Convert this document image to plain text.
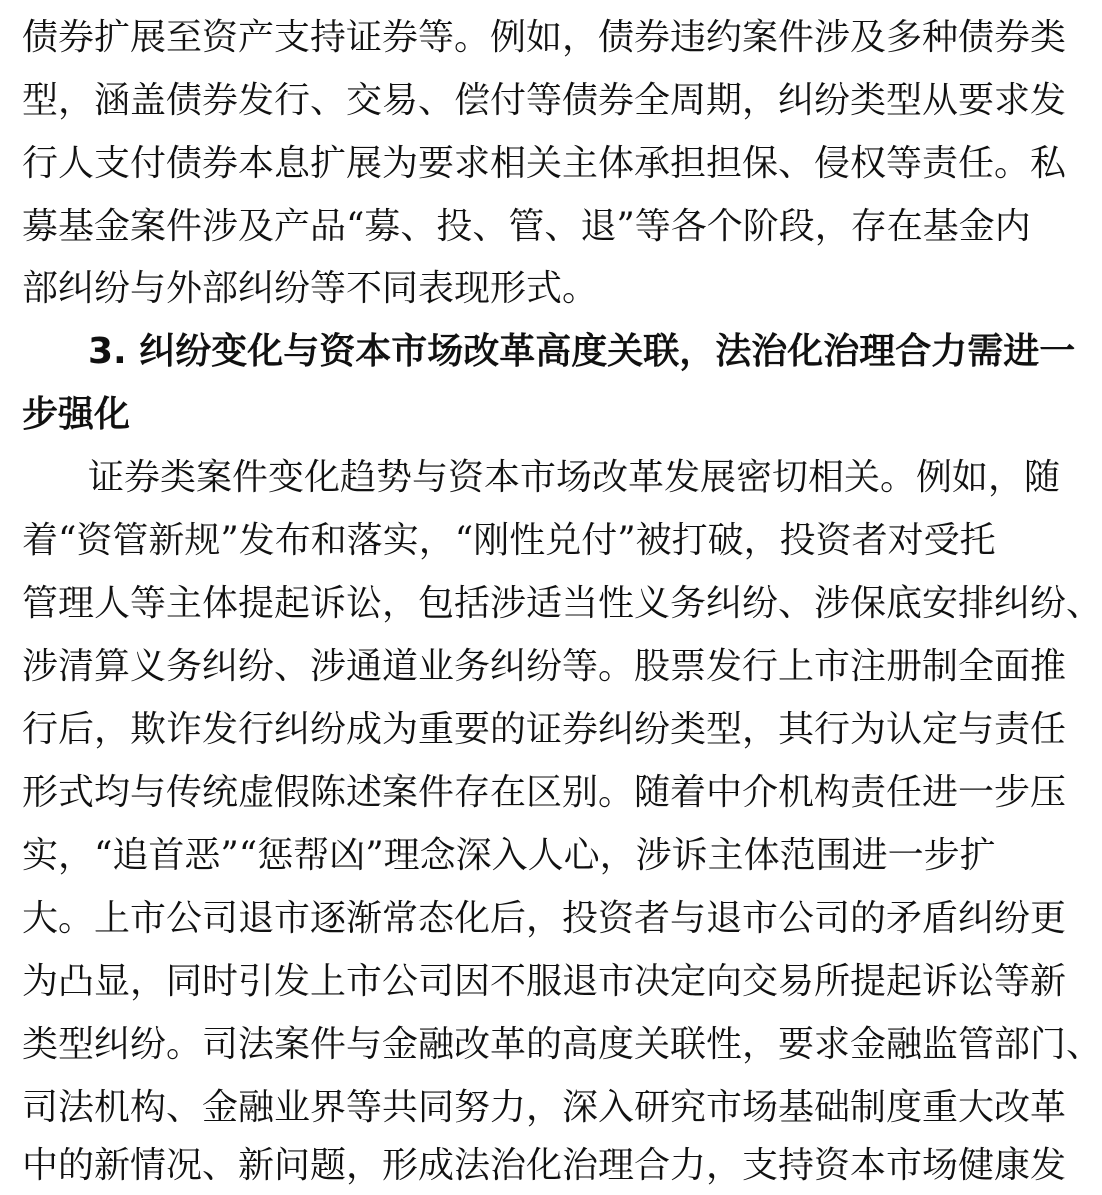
债券扩展至资产支持证券等。例如，债券违约案件涉及多种债券类
型，涵盖债券发行、交易、偿付等债券全周期，纠纷类型从要求发
行人支付债券本息扩展为要求相关主体承担担保、侵权等责任。私
募基金案件涉及产品“募、投、管、退”等各个阶段，存在基金内
部纠纷与外部纠纷等不同表现形式。
3. 纠纷变化与资本市场改革高度关联，法治化治理合力需进一
步强化
证券类案件变化趋势与资本市场改革发展密切相关。例如，随
着“资管新规”发布和落实，“刚性兑付”被打破，投资者对受托
管理人等主体提起诉讼，包括涉适当性义务纠纷、涉保底安排纠纷、
涉清算义务纠纷、涉通道业务纠纷等。股票发行上市注册制全面推
行后，欺诈发行纠纷成为重要的证券纠纷类型，其行为认定与责任
形式均与传统虚假陈述案件存在区别。随着中介机构责任进一步压
实，“追首恶”“惩帮凶”理念深入人心，涉诉主体范围进一步扩
大。上市公司退市逐渐常态化后，投资者与退市公司的矛盾纠纷更
为凸显，同时引发上市公司因不服退市决定向交易所提起诉讼等新
类型纠纷。司法案件与金融改革的高度关联性，要求金融监管部门、
司法机构、金融业界等共同努力，深入研究市场基础制度重大改革
中的新情况、新问题，形成法治化治理合力，支持资本市场健康发
